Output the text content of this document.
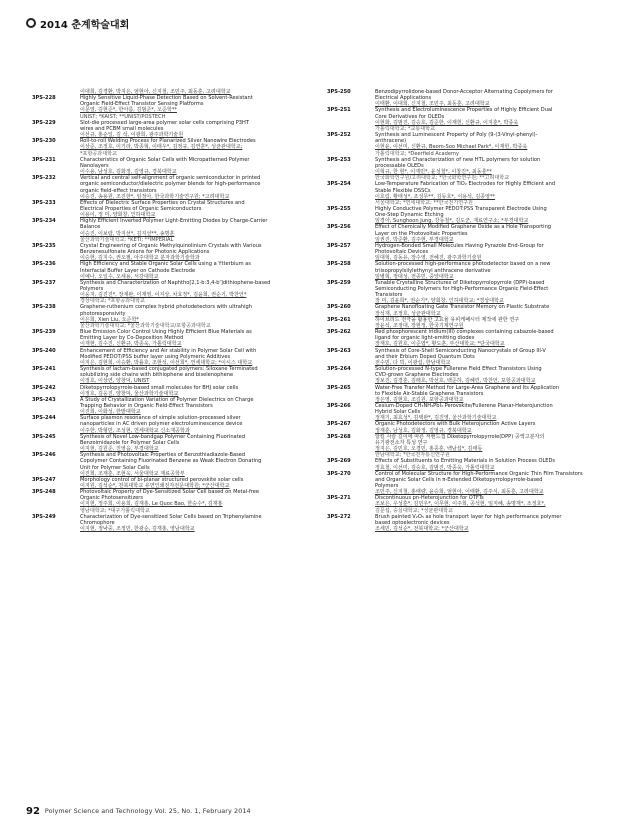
2014 춘계학술대회
이대희, 김경환, 박지은, 엄현아, 신지철, 조민주, 최동훈, 고려대학교
3PS-228	Highly Sensitive Liquid-Phase Detection Based on Solvent-Resistant
Organic Field-Effect Transistor Sensing Platforms
이문열, 김현준*, 한아름, 김범준*, 오준학**
UNIST; *KAIST; **UNIST/POSTECH
3PS-229	Slot-die processed large-area polymer solar cells comprising P3HT
wires and PCBM small molecules
이선규, 홍순일, 김 석, 이광희, 광주과학기술원
3PS-230	Roll-to-roll Welding Process for Planarized Silver Nanowire Electrodes
이상준, 조정호, 이기라, 박종혁, 이태우*, 김정규, 김연훈*, 성균관대학교;
*포항공과대학교
3PS-231	Characteristics of Organic Solar Cells with Micropatterned Polymer
Nanolayers
이수용, 남성호, 김화정, 김영규, 경북대학교
3PS-232	Vertical and central self-alignment of organic semiconductor in printed
organic semiconductor/dielectric polymer blends for high-performance
organic field-effect transistors
이승진, 송용원, 조진한*, 임정아, 한국과학기술연구원; *고려대학교
3PS-233	Effects of Dielectric Surface Properties on Crystal Structures and
Electrical Properties of Organic Semiconductors
이용이, 정 미, 양회창, 인하대학교
3PS-234	Highly Efficient Inverted Polymer Light-Emitting Diodes by Charge-Carrier
Balance
이승진, 이보람, 박지선*, 김지선**, 송명훈
울산과학기술대학교; *KETI; **IMPERIAL
3PS-235	Crystal Engineering of Organic Methylquinolinium Crystals with Various
Benzenesulfonate Anions for Photonic Applications
이승헌, 김지수, 권오필, 아주대학교 분자과학기술학과
3PS-236	High Efficiency and Stable Organic Solar Cells using a Ytterbium as
Interfacial Buffer Layer on Cathode Electrode
이예나, 오일수, 오세용, 서강대학교
3PS-237	Synthesis and Characterization of Naphtho[2,1-b:3,4-b']dithiophene-based
Polymers
이웅지, 김진진*, 장재완, 이재영, 이지상, 차효정*, 김윤희, 권순기, 박찬언*
경상대학교; *포항공과대학교
3PS-238	Graphene-ruthenium complex hybrid photodetectors with ultrahigh
photoresponsivity
이은희, Xien Liu, 오준학*
울산과학기술대학교; *울산과학기술대학교/포항공과대학교
3PS-239	Blue Emission Color Control Using Highly Efficient Blue Materials as
Emitting Layer by Co-Deposition Method
이재현, 김수진, 신환규, 박종욱, 가톨릭대학교
3PS-240	Enhancement of Efficiency and Air stability in Polymer Solar Cell with
Modified PEDOT/PSS buffer layer using Polymeric Additives
이지은, 김현희, 이승환, 박률호, 조현석, 이선희*, 연세대학교; *이시스 대학교
3PS-241	Synthesis of lactam-based conjugated polymers: Siloxane Terminated
solubilizing side chains with bithiophene and biselenophene
이정호, 이상연, 양창덕, UNIST
3PS-242	Diketopyrrolopyrrole-based small molecules for BHJ solar cells
이정호, 김웅진, 양창덕, 울산과학기술대학교
3PS-243	A Study of Crystallization Variation of Polymer Dielectrics on Charge
Trapping Behavior in Organic Field-Effect Transistors
이진희, 이화성, 한밭대학교
3PS-244	Surface plasmon resonance of simple solution-processed silver
nanoparticles in AC driven polymer electroluminescence device
이주한, 박형민, 조성현, 연세대학교 신소재공학과
3PS-245	Synthesis of Novel Low-bandgap Polymer Containing Fluorinated
Benzoimidazole for Polymer Solar Cells
이지현, 김원준, 진영읍, 부경대학교
3PS-246	Synthesis and Photovoltaic Properties of Benzothiadiazole-Based
Copolymer Containing Fluorinated Benzene as Weak Electron Donating
Unit for Polymer Solar Cells
이진희, 조재훈, 조현욱, 서울대학교 재료공학부
3PS-247	Morphology control of bi-planar structured perovskite solar cells
이지원, 김석순*, 전북대학교 유연인쇄전자전문대학원; *군산대학교
3PS-248	Photovoltaic Property of Dye-Sensitized Solar Cell based on Metal-free
Organic Photosensitizers
이지현, 정주희, 이용희, 김재홍, Le Quoc Bao, 한승수*, 김재홍
영남대학교; *대구가톨릭대학교
3PS-249	Characterization of Dye-sensitized Solar Cells based on Triphenylamine
Chromophore
이지현, 정낙중, 조정민, 한광순, 김재홍, 영남대학교
3PS-250	Benzodipyrrolidone-based Donor-Acceptor Alternating Copolymers for
Electrical Applications
이태환, 이대희, 신지철, 조민주, 최동훈, 고려대학교
3PS-251	Synthesis and Electroluminescence Properties of Highly Efficient Dual
Core Derivatives for OLEDs
이현화, 김범진, 김승호, 김준한, 이재헌, 신환규, 이지훈*, 박종욱
가톨릭대학교; *교통대학교
3PS-252	Synthesis and Luminescent Property of Poly (9-(3-Vinyl-phenyl)-
anthracene)
이현윤, 이선미, 신환규, Beom-Soo Michael Park*, 이재헌, 박종욱
가톨릭대학교; *Deerfield Academy
3PS-253	Synthesis and Characterization of new HTL polymers for solution
processable OLEDs
이혁규, 한 현*, 이재민*, 윤성철*, 이창진*, 최동훈**
한국화학연구원/고려대학교; *한국화학연구원; **고려대학교
3PS-254	Low-Temperature Fabrication of TiO₂ Electrodes for Highly Efficient and
Stable Flexible DSSCs
이호림, 황태성*, 조성무**, 김동호*, 서용석, 김종영**
서울대학교; *연세대학교; **한국전기연구원
3PS-255	Highly Conductive Polymer PEDOT:PSS Transparent Electrode Using
One-Step Dynamic Etching
임경아, Sunghoon Jung, 강동철*, 김도군, 재료연구소; *부경대학교
3PS-256	Effect of Chemically Modified Graphene Oxide as a Hole Transporting
Layer on the Photovoltaic Properties
임권진, 박준환, 김주현, 부경대학교
3PS-257	Hydrogen-Bonded Small Molecules Having Pyrazole End-Group for
Photovoltaic Devices
임대혁, 김동유, 장수영, 전혜진, 광주과학기술원
3PS-258	Solution-processed high-performance photodetector based on a new
triisopropylsilylethynyl anthracene derivative
임병혁, 정대성, 전종민, 중앙대학교
3PS-259	Tunable Crystalline Structures of Diketopyrrolopyrrole (DPP)-based
Semiconducting Polymers for High-Performance Organic Field-Effect
Transistors
장 미, 김윤희*, 권순기*, 양회창, 인하대학교; *경상대학교
3PS-260	Graphene Nanofloating Gate Transistor Memory on Plastic Substrate
장석재, 조정호, 성균관대학교
3PS-261	하이브리드 전극을 활용한 고효율 유피케패시터 제작에 관한 연구
장윤석, 조정대, 장현정, 한국기계연구원
3PS-262	Red phosphorescent iridium(III) complexes containing cabazole-based
ligand for organic light-emitting diodes
장재호, 김원호, 이준엽*, 황도훈, 부산대학교; *단국대학교
3PS-263	Synthesis of Core-Shell Semiconducting Nanocrystals of Group III-V
and their Erbium Doped Quantum Dots
전수민, 다 빅, 이광섭, 한남대학교
3PS-264	Solution-processed N-type Fullerene Field Effect Transistors Using
CVD-grown Graphene Electrodes
정보진, 김경훈, 김래호, 박선호, 백준하, 김혜린, 박찬언, 포항공과대학교
3PS-265	Water-Free Transfer Method for Large-Area Graphene and Its Application
to Flexible Air-Stable Graphene Transistors
정은영, 김현호, 조길원, 포항공과대학교
3PS-266	Cesium-Doped CH₃NH₃PbI₃ Perovskite/Fullerene Planar-Heterojunction
Hybrid Solar Cells
정재기, 최효성*, 김택완*, 김진영, 울산과학기술대학교
3PS-267	Organic Photodetectors with Bulk Heterojunction Active Layers
정재훈, 남성호, 김화정, 김영규, 경북대학교
3PS-268	알킬 사슬 길이에 따른 저밴드갭 Diketopyrrolopyrrole(DPP) 공액고분자의
유기광전소자 특성 연구
정지은, 김민호, 오경민, 홍종훈, 백남섭*, 김태동
한남대학교; *한국전자통신연구원
3PS-269	Effects of Substituents to Emitting Materials in Solution Process OLEDs
정효철, 이선미, 김승호, 김범진, 박종욱, 가톨릭대학교
3PS-270	Control of Molecular Structure for High-Performance Organic Thin Film Transistors
and Organic Solar Cells in π-Extended Diketopyrrolopyrrole-based
Polymers
조민주, 신지철, 홍태량, 윤승희, 엄현아, 이태환, 김주식, 최동훈, 고려대학교
3PS-271	Discontinuous pn-Heterojunction for OTFTs
조보은, 우성훈*, 김민우*, 이무현, 이주희, 공석현, 임지혜, 송명재*, 조정호*,
김문섭, 숭실대학교; *성균관대학교
3PS-272	Brush painted V₂O₅ as hole transport layer for high performance polymer
based optoelectronic devices
조세민, 김석순*, 전북대학교; *군산대학교
92 Polymer Science and Technology Vol. 25, No. 1, February 2014
